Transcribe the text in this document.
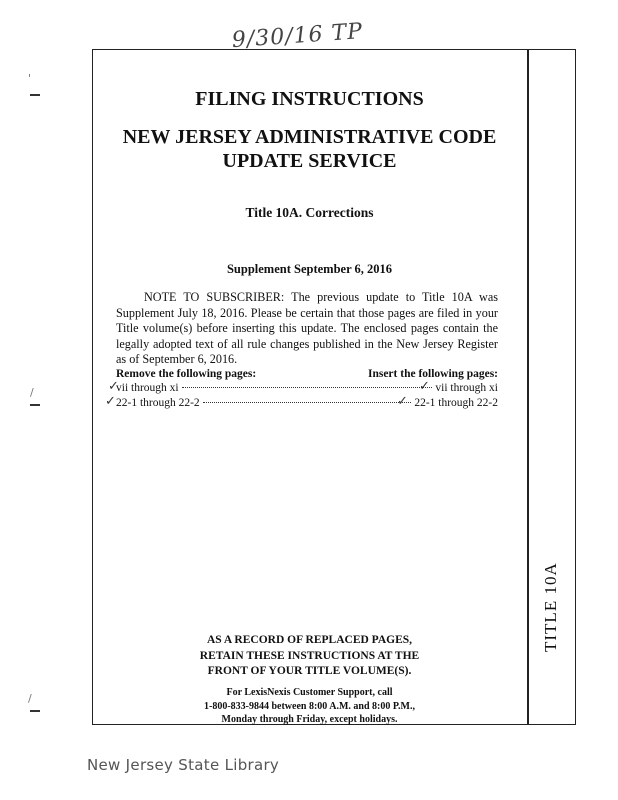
9/30/16 TP
TITLE 10A
FILING INSTRUCTIONS
NEW JERSEY ADMINISTRATIVE CODE
UPDATE SERVICE
Title 10A. Corrections
Supplement September 6, 2016
NOTE TO SUBSCRIBER: The previous update to Title 10A was Supplement July 18, 2016. Please be certain that those pages are filed in your Title volume(s) before inserting this update. The enclosed pages contain the legally adopted text of all rule changes published in the New Jersey Register as of September 6, 2016.
Remove the following pages:	Insert the following pages:
vii through xi	vii through xi
22-1 through 22-2	22-1 through 22-2
✓
✓
✓
✓
AS A RECORD OF REPLACED PAGES,
RETAIN THESE INSTRUCTIONS AT THE
FRONT OF YOUR TITLE VOLUME(S).
For LexisNexis Customer Support, call
1-800-833-9844 between 8:00 A.M. and 8:00 P.M.,
Monday through Friday, except holidays.
New Jersey State Library
'
/
/
